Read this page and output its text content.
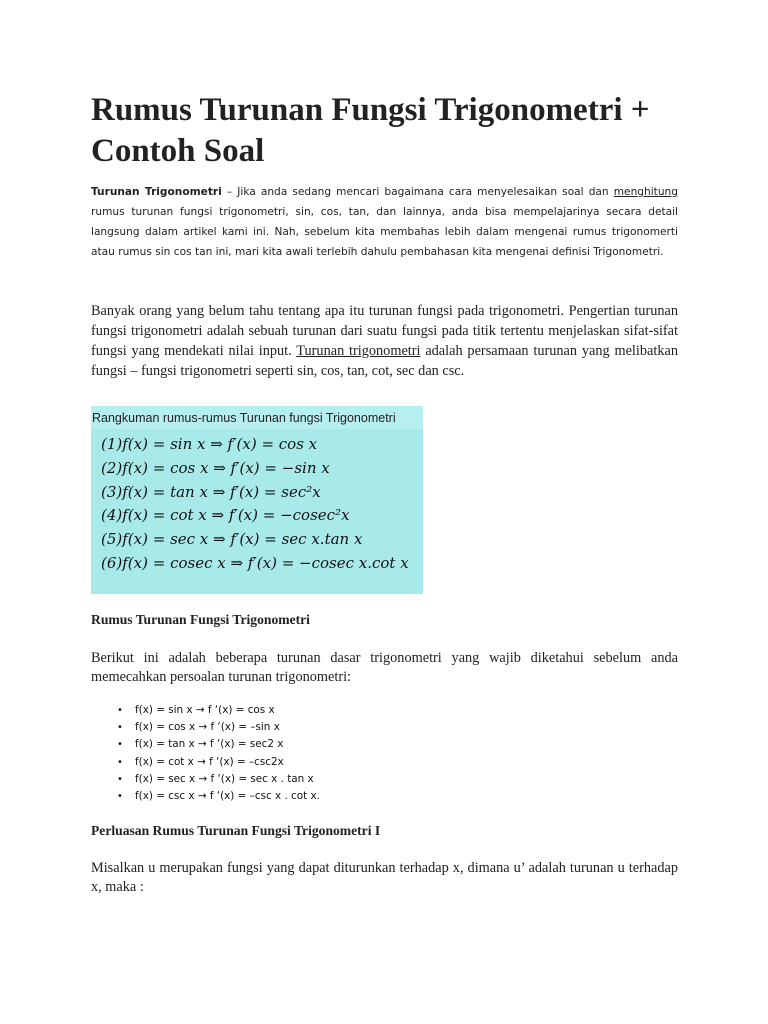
Rumus Turunan Fungsi Trigonometri + Contoh Soal

Turunan Trigonometri – Jika anda sedang mencari bagaimana cara menyelesaikan soal dan menghitung rumus turunan fungsi trigonometri, sin, cos, tan, dan lainnya, anda bisa mempelajarinya secara detail langsung dalam artikel kami ini. Nah, sebelum kita membahas lebih dalam mengenai rumus trigonomerti atau rumus sin cos tan ini, mari kita awali terlebih dahulu pembahasan kita mengenai definisi Trigonometri.

Banyak orang yang belum tahu tentang apa itu turunan fungsi pada trigonometri. Pengertian turunan fungsi trigonometri adalah sebuah turunan dari suatu fungsi pada titik tertentu menjelaskan sifat-sifat fungsi yang mendekati nilai input. Turunan trigonometri adalah persamaan turunan yang melibatkan fungsi – fungsi trigonometri seperti sin, cos, tan, cot, sec dan csc.

Rangkuman rumus-rumus Turunan fungsi Trigonometri
(1)f(x) = sin x ⇒ f′(x) = cos x
(2)f(x) = cos x ⇒ f′(x) = −sin x
(3)f(x) = tan x ⇒ f′(x) = sec²x
(4)f(x) = cot x ⇒ f′(x) = −cosec²x
(5)f(x) = sec x ⇒ f′(x) = sec x.tan x
(6)f(x) = cosec x ⇒ f′(x) = −cosec x.cot x
Rumus Turunan Fungsi Trigonometri

Berikut ini adalah beberapa turunan dasar trigonometri yang wajib diketahui sebelum anda memecahkan persoalan turunan trigonometri:

• f(x) = sin x → f ‘(x) = cos x
• f(x) = cos x → f ‘(x) = –sin x
• f(x) = tan x → f ‘(x) = sec2 x
• f(x) = cot x → f ‘(x) = –csc2x
• f(x) = sec x → f ‘(x) = sec x . tan x
• f(x) = csc x → f ‘(x) = –csc x . cot x.
Perluasan Rumus Turunan Fungsi Trigonometri I

Misalkan u merupakan fungsi yang dapat diturunkan terhadap x, dimana u’ adalah turunan u terhadap x, maka :
